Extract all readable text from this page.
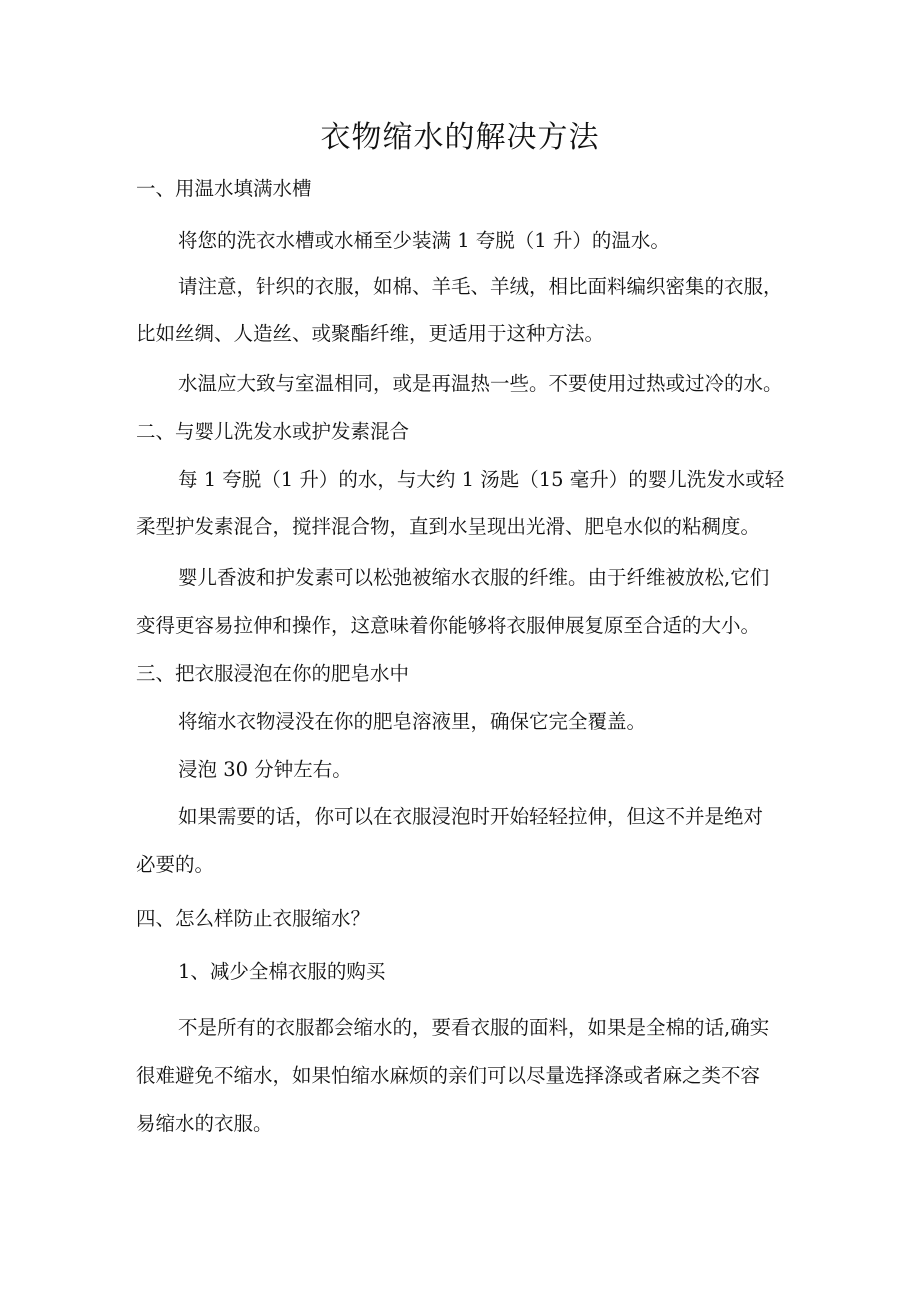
衣物缩水的解决方法
一、用温水填满水槽
将您的洗衣水槽或水桶至少装满 1 夸脱（1 升）的温水。
请注意，针织的衣服，如棉、羊毛、羊绒，相比面料编织密集的衣服，
比如丝绸、人造丝、或聚酯纤维，更适用于这种方法。
水温应大致与室温相同，或是再温热一些。不要使用过热或过冷的水。
二、与婴儿洗发水或护发素混合
每 1 夸脱（1 升）的水，与大约 1 汤匙（15 毫升）的婴儿洗发水或轻
柔型护发素混合，搅拌混合物，直到水呈现出光滑、肥皂水似的粘稠度。
婴儿香波和护发素可以松弛被缩水衣服的纤维。由于纤维被放松,它们
变得更容易拉伸和操作，这意味着你能够将衣服伸展复原至合适的大小。
三、把衣服浸泡在你的肥皂水中
将缩水衣物浸没在你的肥皂溶液里，确保它完全覆盖。
浸泡 30 分钟左右。
如果需要的话，你可以在衣服浸泡时开始轻轻拉伸，但这不并是绝对
必要的。
四、怎么样防止衣服缩水？
1、减少全棉衣服的购买
不是所有的衣服都会缩水的，要看衣服的面料，如果是全棉的话,确实
很难避免不缩水，如果怕缩水麻烦的亲们可以尽量选择涤或者麻之类不容
易缩水的衣服。
